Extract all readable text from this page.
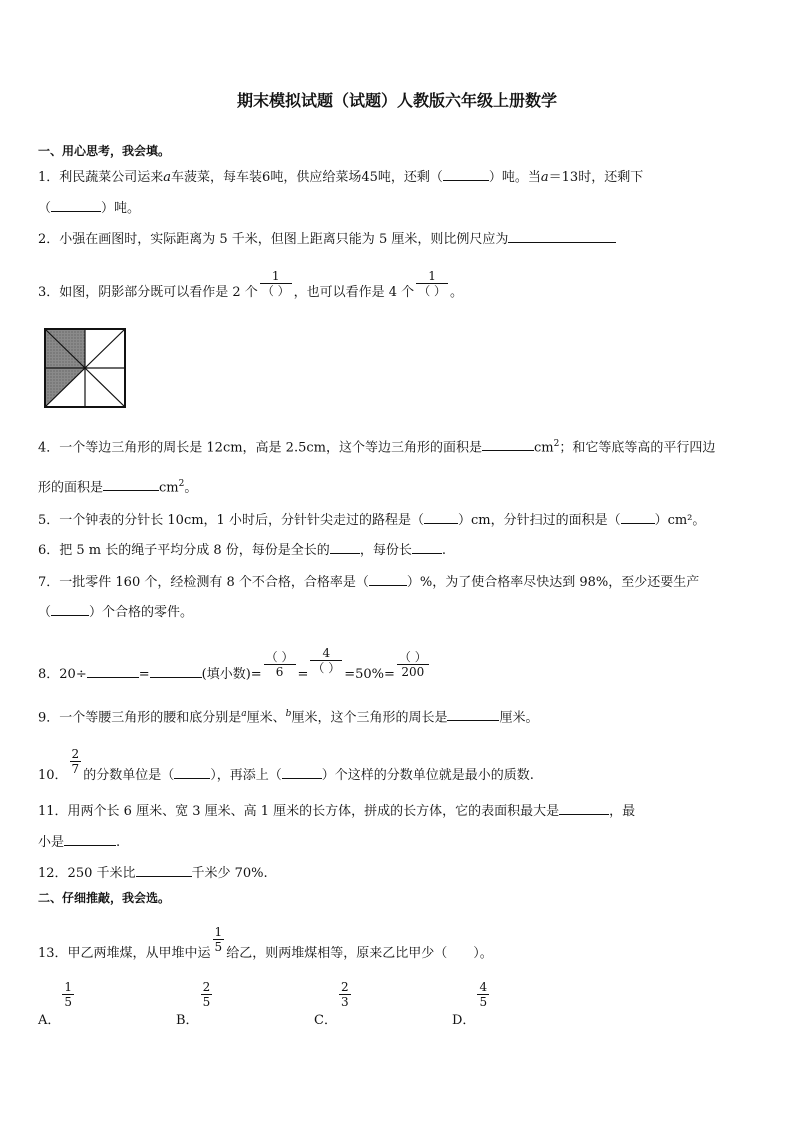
期末模拟试题（试题）人教版六年级上册数学
一、用心思考，我会填。
1．利民蔬菜公司运来a车菠菜，每车装6吨，供应给菜场45吨，还剩（	）吨。当a＝13时，还剩下
（	）吨。
2．小强在画图时，实际距离为 5 千米，但图上距离只能为 5 厘米，则比例尺应为
3．如图，阴影部分既可以看作是 2 个 $\frac{1}{( )}$ ，也可以看作是 4 个 $\frac{1}{( )}$ 。
4．一个等边三角形的周长是 12cm，高是 2.5cm，这个等边三角形的面积是	$cm^2$；和它等底等高的平行四边
形的面积是	$cm^2$。
5．一个钟表的分针长 10cm，1 小时后，分针针尖走过的路程是（	）cm，分针扫过的面积是（	）cm²。
6．把 5 m 长的绳子平均分成 8 份，每份是全长的 ，每份长 .
7．一批零件 160 个，经检测有 8 个不合格，合格率是（	）%，为了使合格率尽快达到 98%，至少还要生产
（	）个合格的零件。
8．20÷	=	(填小数)= $\frac{( )}{6} = \frac{4}{( )} =50\%= \frac{( )}{200}$
9．一个等腰三角形的腰和底分别是$^a$厘米、$^b$厘米，这个三角形的周长是	厘米。
10． $\frac{2}{7}$ 的分数单位是（	），再添上（	）个这样的分数单位就是最小的质数.
11．用两个长 6 厘米、宽 3 厘米、高 1 厘米的长方体，拼成的长方体，它的表面积最大是	，最
小是	.
12．250 千米比	千米少 70%.
二、仔细推敲，我会选。
13．甲乙两堆煤，从甲堆中运 $\frac{1}{5}$ 给乙，则两堆煤相等，原来乙比甲少（ ）。
A．
$\frac{1}{5}$
B．
$\frac{2}{5}$
C．
$\frac{2}{3}$
D．
$\frac{4}{5}$
